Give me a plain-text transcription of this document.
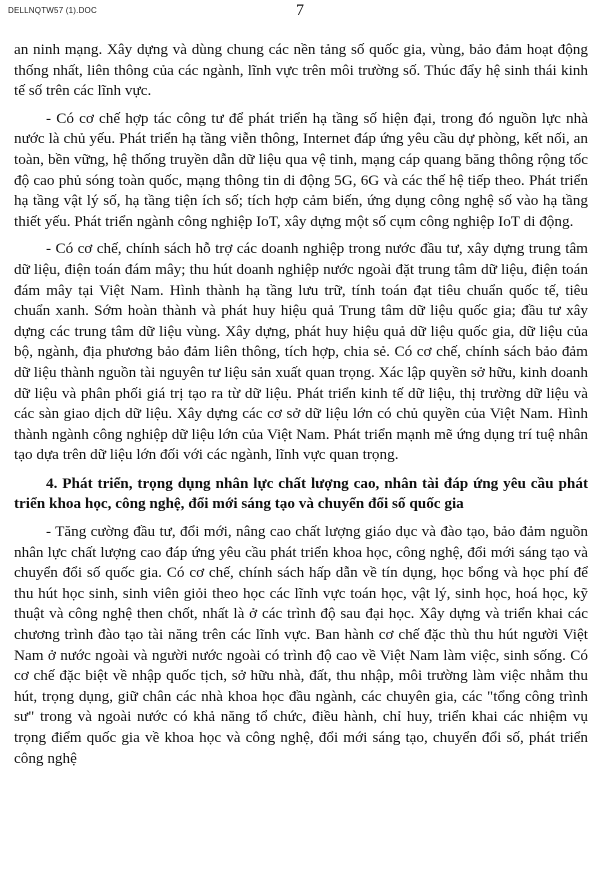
DELLNQTW57 (1).DOC	7

an ninh mạng. Xây dựng và dùng chung các nền tảng số quốc gia, vùng, bảo đảm hoạt động thống nhất, liên thông của các ngành, lĩnh vực trên môi trường số. Thúc đẩy hệ sinh thái kinh tế số trên các lĩnh vực.

- Có cơ chế hợp tác công tư để phát triển hạ tầng số hiện đại, trong đó nguồn lực nhà nước là chủ yếu. Phát triển hạ tầng viễn thông, Internet đáp ứng yêu cầu dự phòng, kết nối, an toàn, bền vững, hệ thống truyền dẫn dữ liệu qua vệ tinh, mạng cáp quang băng thông rộng tốc độ cao phủ sóng toàn quốc, mạng thông tin di động 5G, 6G và các thế hệ tiếp theo. Phát triển hạ tầng vật lý số, hạ tầng tiện ích số; tích hợp cảm biến, ứng dụng công nghệ số vào hạ tầng thiết yếu. Phát triển ngành công nghiệp IoT, xây dựng một số cụm công nghiệp IoT di động.

- Có cơ chế, chính sách hỗ trợ các doanh nghiệp trong nước đầu tư, xây dựng trung tâm dữ liệu, điện toán đám mây; thu hút doanh nghiệp nước ngoài đặt trung tâm dữ liệu, điện toán đám mây tại Việt Nam. Hình thành hạ tầng lưu trữ, tính toán đạt tiêu chuẩn quốc tế, tiêu chuẩn xanh. Sớm hoàn thành và phát huy hiệu quả Trung tâm dữ liệu quốc gia; đầu tư xây dựng các trung tâm dữ liệu vùng. Xây dựng, phát huy hiệu quả dữ liệu quốc gia, dữ liệu của bộ, ngành, địa phương bảo đảm liên thông, tích hợp, chia sẻ. Có cơ chế, chính sách bảo đảm dữ liệu thành nguồn tài nguyên tư liệu sản xuất quan trọng. Xác lập quyền sở hữu, kinh doanh dữ liệu và phân phối giá trị tạo ra từ dữ liệu. Phát triển kinh tế dữ liệu, thị trường dữ liệu và các sàn giao dịch dữ liệu. Xây dựng các cơ sở dữ liệu lớn có chủ quyền của Việt Nam. Hình thành ngành công nghiệp dữ liệu lớn của Việt Nam. Phát triển mạnh mẽ ứng dụng trí tuệ nhân tạo dựa trên dữ liệu lớn đối với các ngành, lĩnh vực quan trọng.

4. Phát triển, trọng dụng nhân lực chất lượng cao, nhân tài đáp ứng yêu cầu phát triển khoa học, công nghệ, đổi mới sáng tạo và chuyển đổi số quốc gia

- Tăng cường đầu tư, đổi mới, nâng cao chất lượng giáo dục và đào tạo, bảo đảm nguồn nhân lực chất lượng cao đáp ứng yêu cầu phát triển khoa học, công nghệ, đổi mới sáng tạo và chuyển đổi số quốc gia. Có cơ chế, chính sách hấp dẫn về tín dụng, học bổng và học phí để thu hút học sinh, sinh viên giỏi theo học các lĩnh vực toán học, vật lý, sinh học, hoá học, kỹ thuật và công nghệ then chốt, nhất là ở các trình độ sau đại học. Xây dựng và triển khai các chương trình đào tạo tài năng trên các lĩnh vực. Ban hành cơ chế đặc thù thu hút người Việt Nam ở nước ngoài và người nước ngoài có trình độ cao về Việt Nam làm việc, sinh sống. Có cơ chế đặc biệt về nhập quốc tịch, sở hữu nhà, đất, thu nhập, môi trường làm việc nhằm thu hút, trọng dụng, giữ chân các nhà khoa học đầu ngành, các chuyên gia, các "tổng công trình sư" trong và ngoài nước có khả năng tổ chức, điều hành, chỉ huy, triển khai các nhiệm vụ trọng điểm quốc gia về khoa học và công nghệ, đổi mới sáng tạo, chuyển đổi số, phát triển công nghệ
